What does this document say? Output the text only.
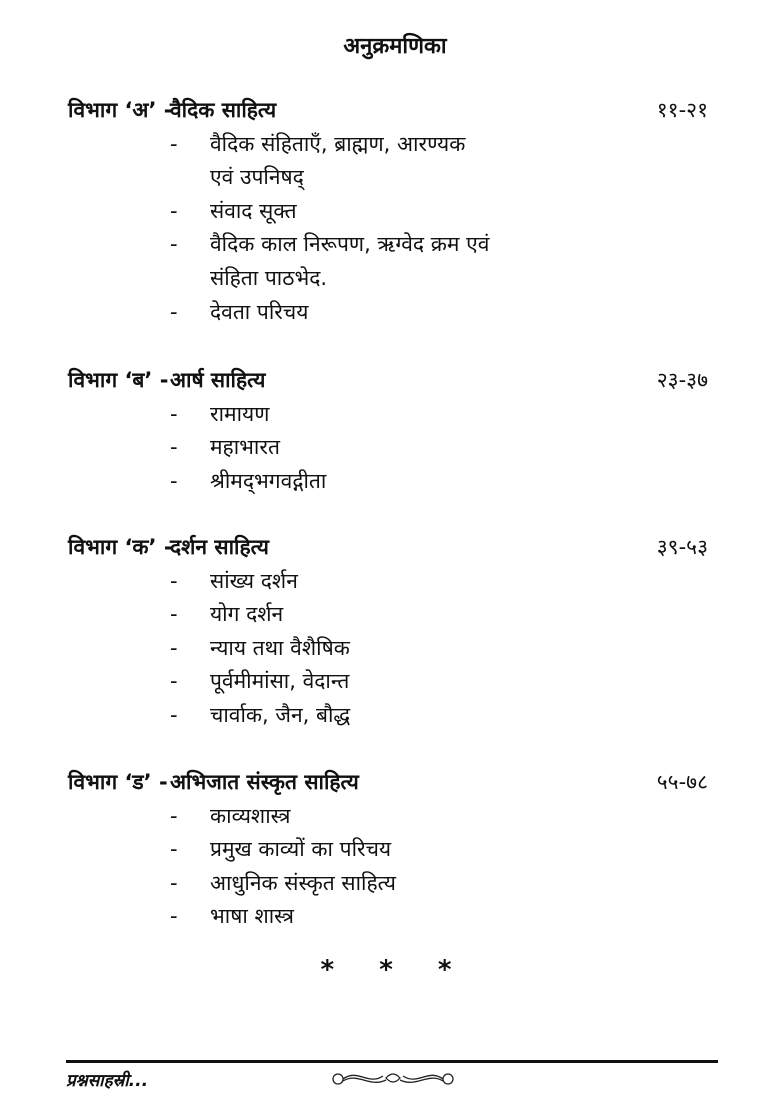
अनुक्रमणिका
विभाग ‘अ’ -
वैदिक साहित्य	११-२१
-	वैदिक संहिताएँ, ब्राह्मण, आरण्यक
एवं उपनिषद्
-	संवाद सूक्त
-	वैदिक काल निरूपण, ऋग्वेद क्रम एवं
संहिता पाठभेद.
-	देवता परिचय
विभाग ‘ब’ - आर्ष साहित्य	२३-३७
-	रामायण
-	महाभारत
-	श्रीमद्‌भगवद्गीता
विभाग ‘क’ -
दर्शन साहित्य	३९-५३
-	सांख्य दर्शन
-	योग दर्शन
-	न्याय तथा वैशैषिक
-	पूर्वमीमांसा, वेदान्त
-	चार्वाक, जैन, बौद्ध
विभाग ‘ड’ - अभिजात संस्कृत साहित्य	५५-७८
-	काव्यशास्त्र
-	प्रमुख काव्यों का परिचय
-	आधुनिक संस्कृत साहित्य
-	भाषा शास्त्र
* * *
प्रश्नसाहस्री...
